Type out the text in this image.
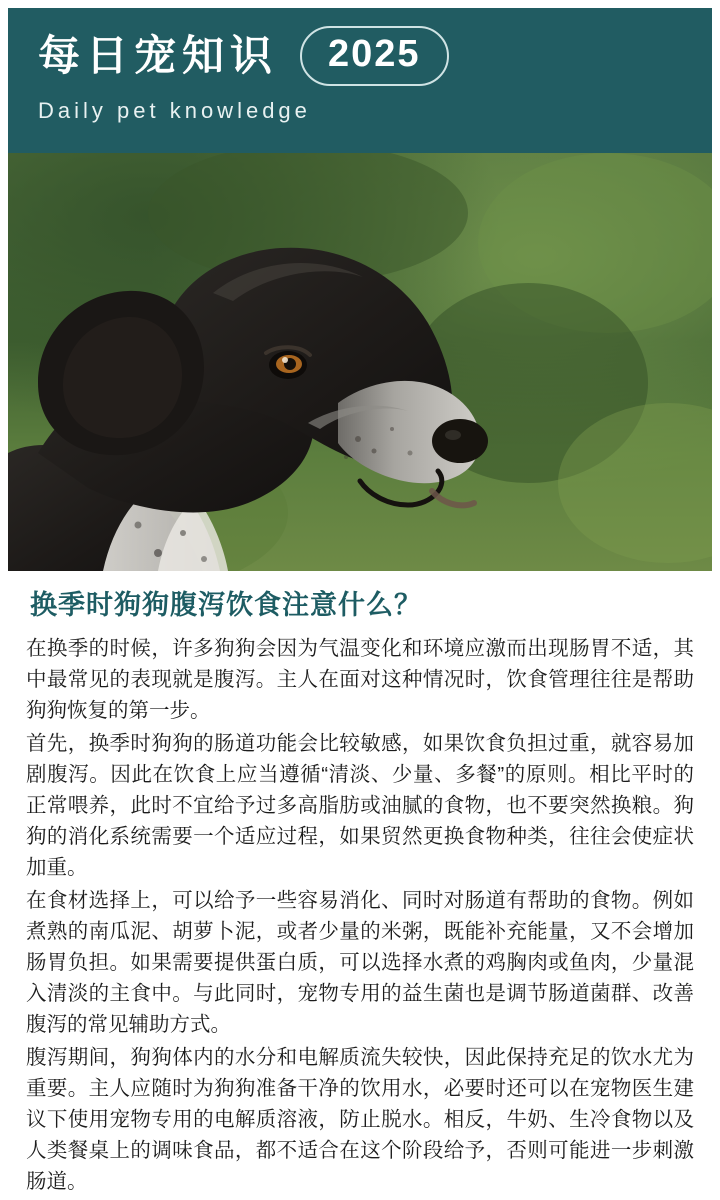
每日宠知识	2025
Daily pet knowledge
换季时狗狗腹泻饮食注意什么？

在换季的时候，许多狗狗会因为气温变化和环境应激而出现肠胃不适，其中最常见的表现就是腹泻。主人在面对这种情况时，饮食管理往往是帮助狗狗恢复的第一步。

首先，换季时狗狗的肠道功能会比较敏感，如果饮食负担过重，就容易加剧腹泻。因此在饮食上应当遵循“清淡、少量、多餐”的原则。相比平时的正常喂养，此时不宜给予过多高脂肪或油腻的食物，也不要突然换粮。狗狗的消化系统需要一个适应过程，如果贸然更换食物种类，往往会使症状加重。

在食材选择上，可以给予一些容易消化、同时对肠道有帮助的食物。例如煮熟的南瓜泥、胡萝卜泥，或者少量的米粥，既能补充能量，又不会增加肠胃负担。如果需要提供蛋白质，可以选择水煮的鸡胸肉或鱼肉，少量混入清淡的主食中。与此同时，宠物专用的益生菌也是调节肠道菌群、改善腹泻的常见辅助方式。

腹泻期间，狗狗体内的水分和电解质流失较快，因此保持充足的饮水尤为重要。主人应随时为狗狗准备干净的饮用水，必要时还可以在宠物医生建议下使用宠物专用的电解质溶液，防止脱水。相反，牛奶、生冷食物以及人类餐桌上的调味食品，都不适合在这个阶段给予，否则可能进一步刺激肠道。
